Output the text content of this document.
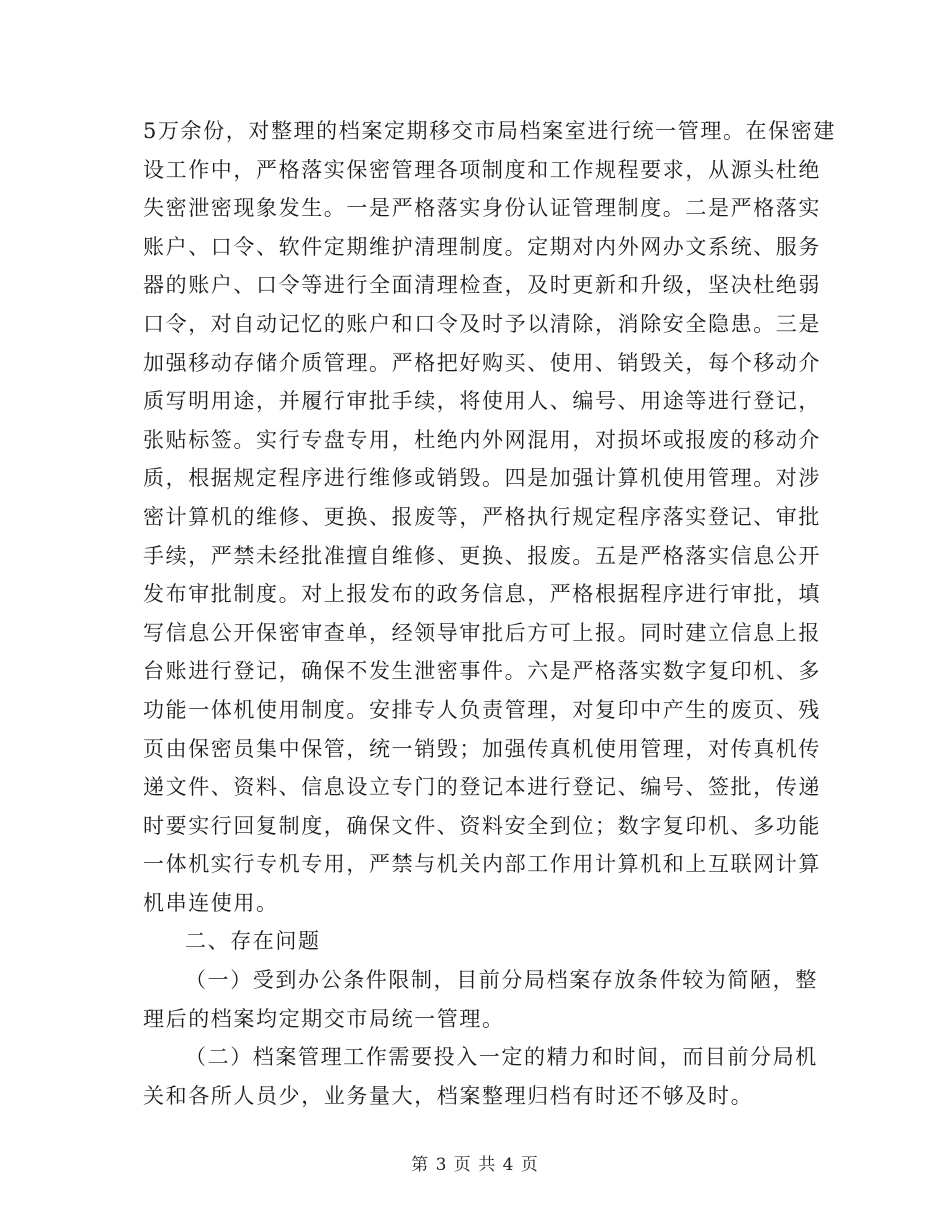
5万余份，对整理的档案定期移交市局档案室进行统一管理。在保密建
设工作中，严格落实保密管理各项制度和工作规程要求，从源头杜绝
失密泄密现象发生。一是严格落实身份认证管理制度。二是严格落实
账户、口令、软件定期维护清理制度。定期对内外网办文系统、服务
器的账户、口令等进行全面清理检查，及时更新和升级，坚决杜绝弱
口令，对自动记忆的账户和口令及时予以清除，消除安全隐患。三是
加强移动存储介质管理。严格把好购买、使用、销毁关，每个移动介
质写明用途，并履行审批手续，将使用人、编号、用途等进行登记，
张贴标签。实行专盘专用，杜绝内外网混用，对损坏或报废的移动介
质，根据规定程序进行维修或销毁。四是加强计算机使用管理。对涉
密计算机的维修、更换、报废等，严格执行规定程序落实登记、审批
手续，严禁未经批准擅自维修、更换、报废。五是严格落实信息公开
发布审批制度。对上报发布的政务信息，严格根据程序进行审批，填
写信息公开保密审查单，经领导审批后方可上报。同时建立信息上报
台账进行登记，确保不发生泄密事件。六是严格落实数字复印机、多
功能一体机使用制度。安排专人负责管理，对复印中产生的废页、残
页由保密员集中保管，统一销毁；加强传真机使用管理，对传真机传
递文件、资料、信息设立专门的登记本进行登记、编号、签批，传递
时要实行回复制度，确保文件、资料安全到位；数字复印机、多功能
一体机实行专机专用，严禁与机关内部工作用计算机和上互联网计算
机串连使用。
二、存在问题
（一）受到办公条件限制，目前分局档案存放条件较为简陋，整
理后的档案均定期交市局统一管理。
（二）档案管理工作需要投入一定的精力和时间，而目前分局机
关和各所人员少，业务量大，档案整理归档有时还不够及时。
第 3 页 共 4 页
